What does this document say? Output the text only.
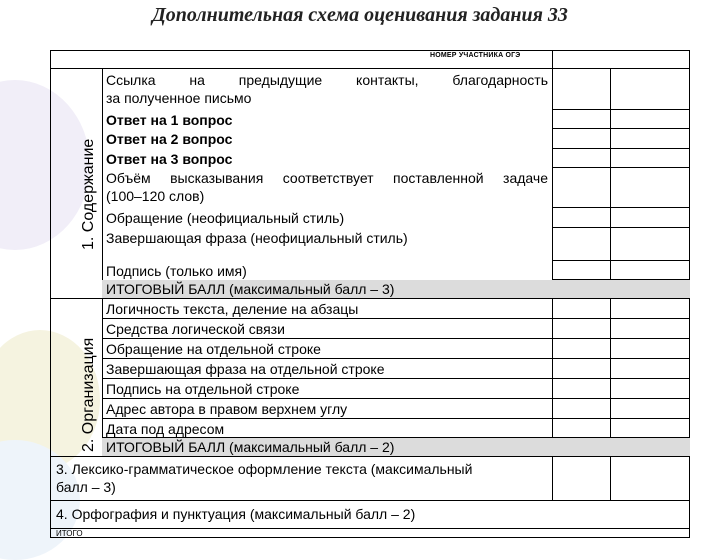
Дополнительная схема оценивания задания 33
НОМЕР УЧАСТНИКА ОГЭ
1. Содержание
2. Организация
Ссылка на предыдущие контакты, благодарность
за полученное письмо
Ответ на 1 вопрос
Ответ на 2 вопрос
Ответ на 3 вопрос
Объём высказывания соответствует поставленной задаче
(100–120 слов)
Обращение (неофициальный стиль)
Завершающая фраза (неофициальный стиль)
Подпись (только имя)
ИТОГОВЫЙ БАЛЛ (максимальный балл – 3)
Логичность текста, деление на абзацы
Средства логической связи
Обращение на отдельной строке
Завершающая фраза на отдельной строке
Подпись на отдельной строке
Адрес автора в правом верхнем углу
Дата под адресом
ИТОГОВЫЙ БАЛЛ (максимальный балл – 2)
3. Лексико-грамматическое оформление текста (максимальный
балл – 3)
4. Орфография и пунктуация (максимальный балл – 2)
ИТОГО
